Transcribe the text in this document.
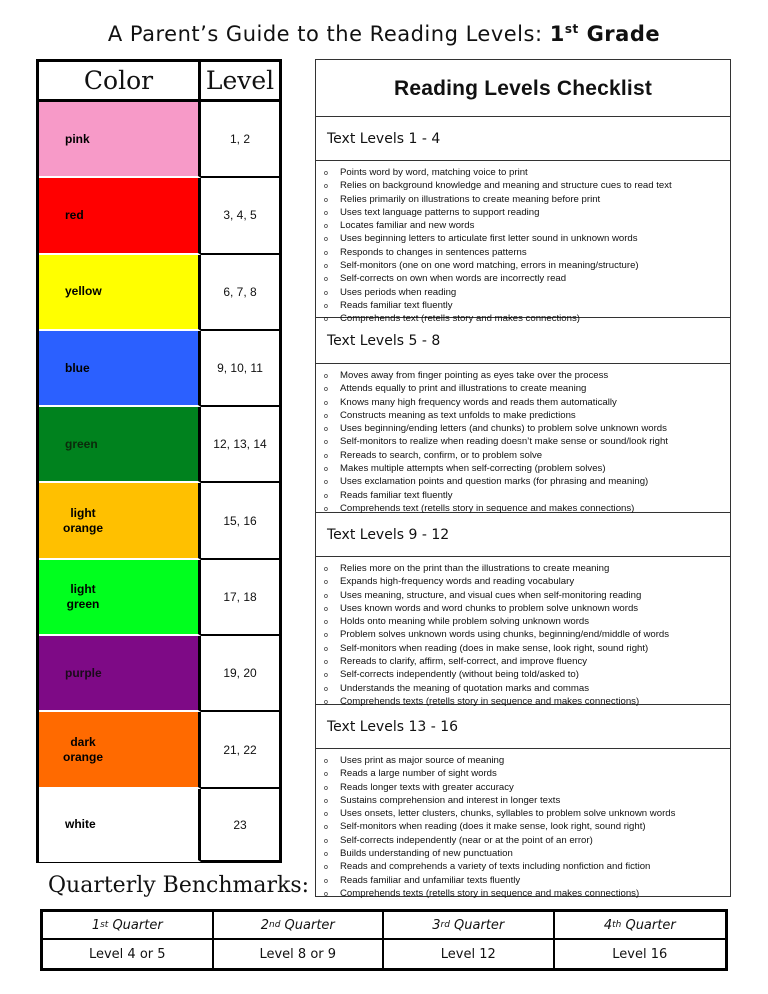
A Parent’s Guide to the Reading Levels: 1st Grade
Color	Level
pink	1, 2
red	3, 4, 5
yellow	6, 7, 8
blue	9, 10, 11
green	12, 13, 14
light orange	15, 16
light green	17, 18
purple	19, 20
dark orange	21, 22
white	23
Reading Levels Checklist
Text Levels 1 - 4
o Points word by word, matching voice to print
o Relies on background knowledge and meaning and structure cues to read text
o Relies primarily on illustrations to create meaning before print
o Uses text language patterns to support reading
o Locates familiar and new words
o Uses beginning letters to articulate first letter sound in unknown words
o Responds to changes in sentences patterns
o Self-monitors (one on one word matching, errors in meaning/structure)
o Self-corrects on own when words are incorrectly read
o Uses periods when reading
o Reads familiar text fluently
o Comprehends text (retells story and makes connections)
Text Levels 5 - 8
o Moves away from finger pointing as eyes take over the process
o Attends equally to print and illustrations to create meaning
o Knows many high frequency words and reads them automatically
o Constructs meaning as text unfolds to make predictions
o Uses beginning/ending letters (and chunks) to problem solve unknown words
o Self-monitors to realize when reading doesn’t make sense or sound/look right
o Rereads to search, confirm, or to problem solve
o Makes multiple attempts when self-correcting (problem solves)
o Uses exclamation points and question marks (for phrasing and meaning)
o Reads familiar text fluently
o Comprehends text (retells story in sequence and makes connections)
Text Levels 9 - 12
o Relies more on the print than the illustrations to create meaning
o Expands high-frequency words and reading vocabulary
o Uses meaning, structure, and visual cues when self-monitoring reading
o Uses known words and word chunks to problem solve unknown words
o Holds onto meaning while problem solving unknown words
o Problem solves unknown words using chunks, beginning/end/middle of words
o Self-monitors when reading (does in make sense, look right, sound right)
o Rereads to clarify, affirm, self-correct, and improve fluency
o Self-corrects independently (without being told/asked to)
o Understands the meaning of quotation marks and commas
o Comprehends texts (retells story in sequence and makes connections)
Text Levels 13 - 16
o Uses print as major source of meaning
o Reads a large number of sight words
o Reads longer texts with greater accuracy
o Sustains comprehension and interest in longer texts
o Uses onsets, letter clusters, chunks, syllables to problem solve unknown words
o Self-monitors when reading (does it make sense, look right, sound right)
o Self-corrects independently (near or at the point of an error)
o Builds understanding of new punctuation
o Reads and comprehends a variety of texts including nonfiction and fiction
o Reads familiar and unfamiliar texts fluently
o Comprehends texts (retells story in sequence and makes connections)
Quarterly Benchmarks:
1 st Quarter	2 nd Quarter	3 rd Quarter	4 th Quarter
Level 4 or 5	Level 8 or 9	Level 12	Level 16
